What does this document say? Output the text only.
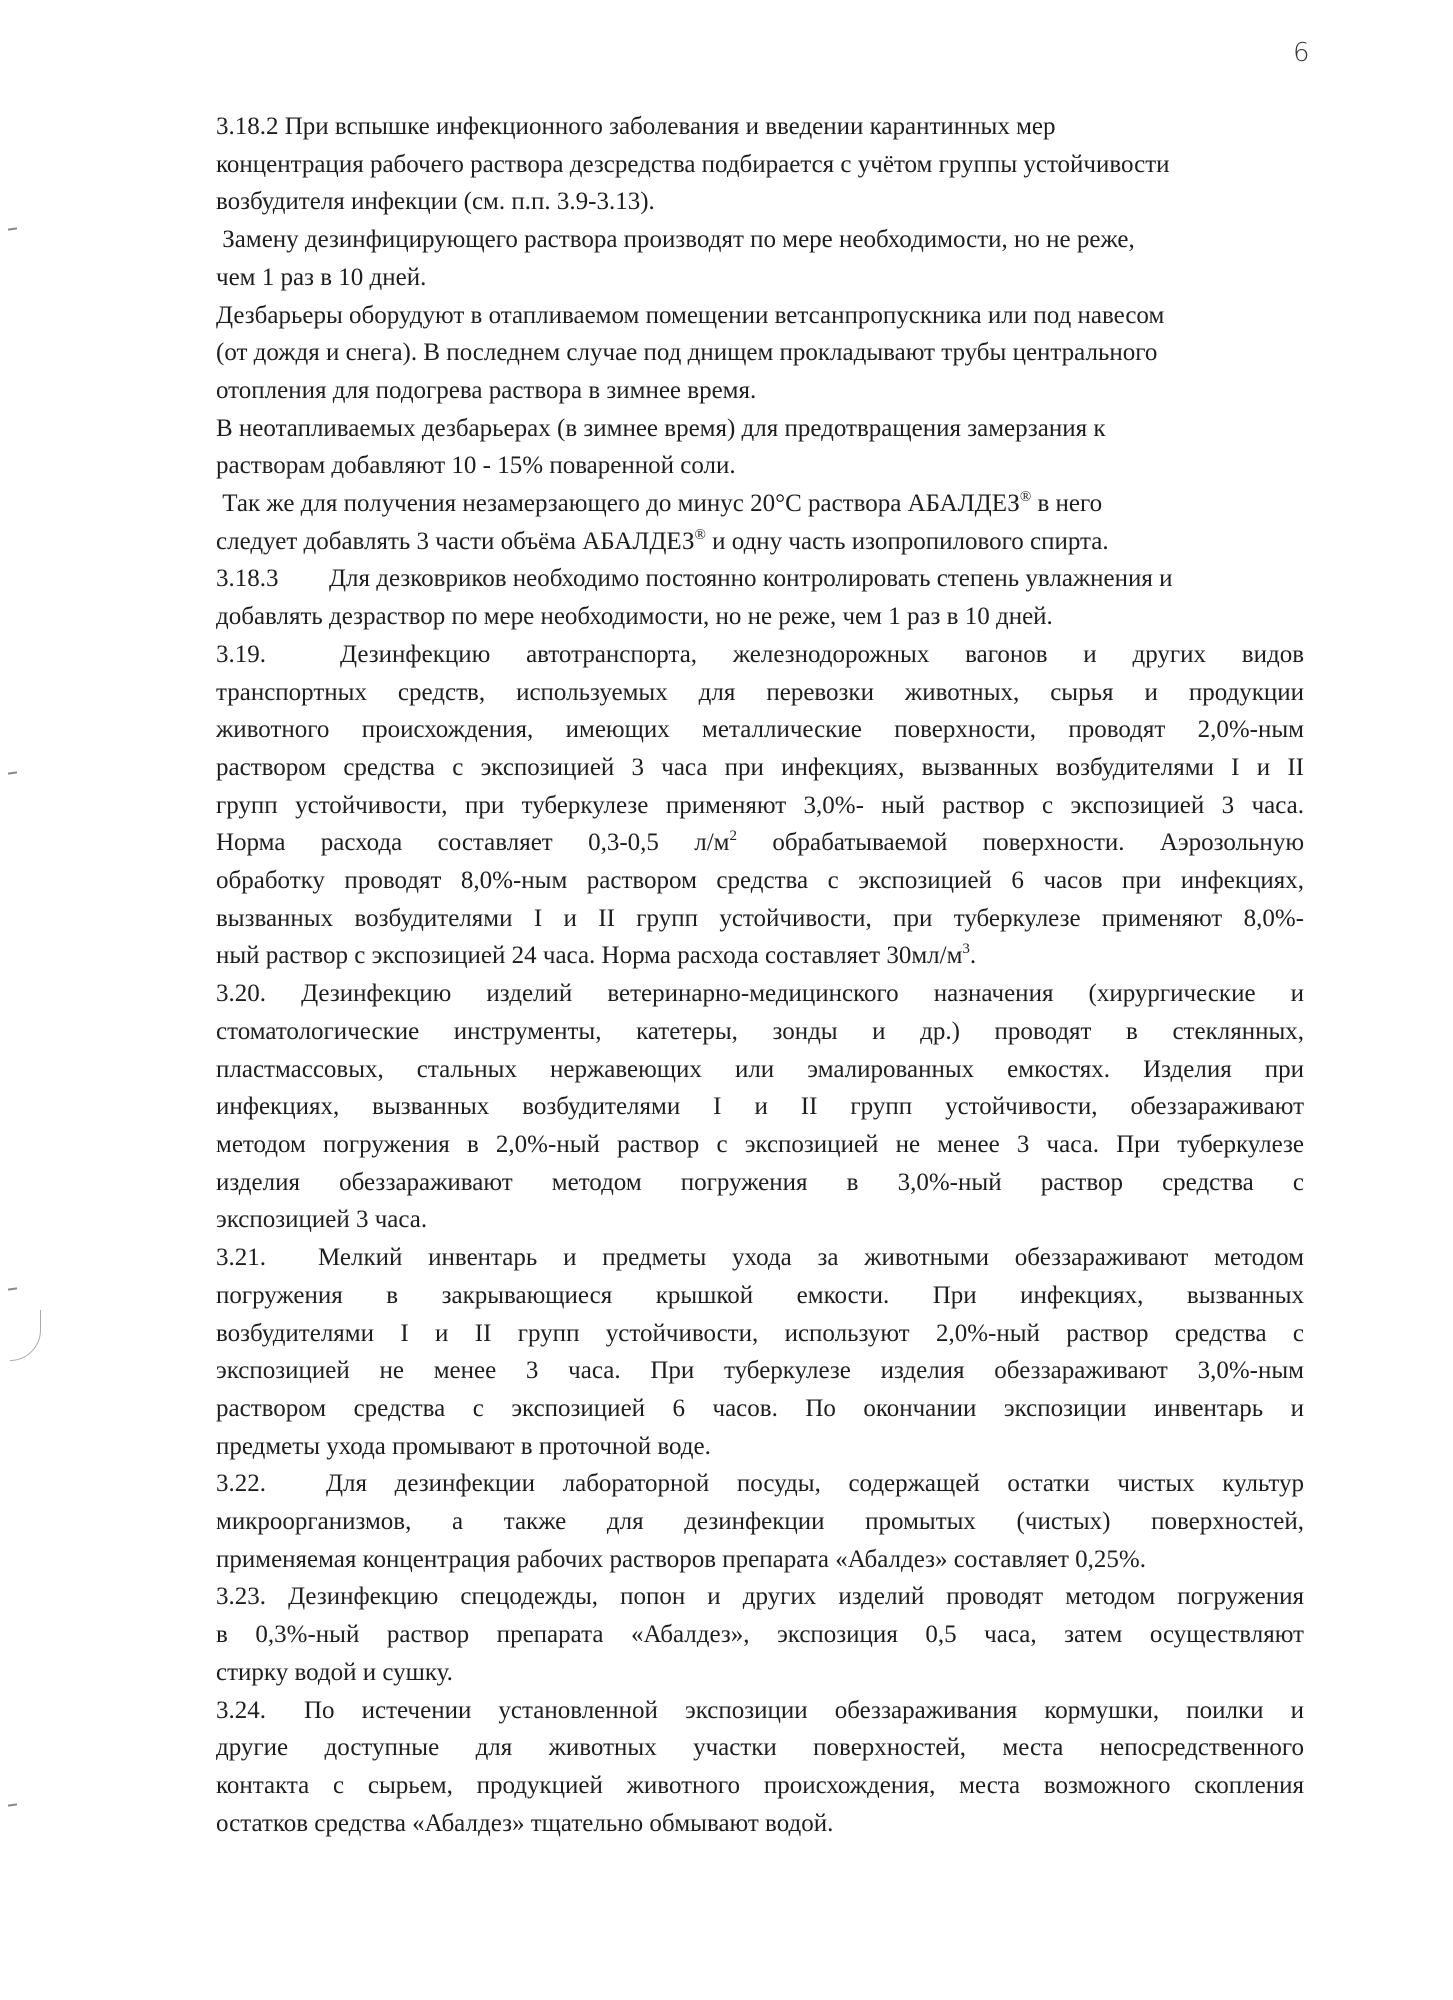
6
3.18.2 При вспышке инфекционного заболевания и введении карантинных мер
концентрация рабочего раствора дезсредства подбирается с учётом группы устойчивости
возбудителя инфекции (см. п.п. 3.9-3.13).
Замену дезинфицирующего раствора производят по мере необходимости, но не реже,
чем 1 раз в 10 дней.
Дезбарьеры оборудуют в отапливаемом помещении ветсанпропускника или под навесом
(от дождя и снега). В последнем случае под днищем прокладывают трубы центрального
отопления для подогрева раствора в зимнее время.
В неотапливаемых дезбарьерах (в зимнее время) для предотвращения замерзания к
растворам добавляют 10 - 15% поваренной соли.
Так же для получения незамерзающего до минус 20°С раствора АБАЛДЕЗ® в него
следует добавлять 3 части объёма АБАЛДЕЗ® и одну часть изопропилового спирта.
3.18.3 Для дезковриков необходимо постоянно контролировать степень увлажнения и
добавлять дезраствор по мере необходимости, но не реже, чем 1 раз в 10 дней.
3.19.	Дезинфекцию автотранспорта, железнодорожных вагонов и других видов
транспортных средств, используемых для перевозки животных, сырья и продукции
животного происхождения, имеющих металлические поверхности, проводят 2,0%-ным
раствором средства с экспозицией 3 часа при инфекциях, вызванных возбудителями I и II
групп устойчивости, при туберкулезе применяют 3,0%- ный раствор с экспозицией 3 часа.
Норма расхода составляет 0,3-0,5 $л/м^2$ обрабатываемой поверхности. Аэрозольную
обработку проводят 8,0%-ным раствором средства с экспозицией 6 часов при инфекциях,
вызванных возбудителями I и II групп устойчивости, при туберкулезе применяют 8,0%-
ный раствор с экспозицией 24 часа. Норма расхода составляет $30мл/м^3$.
3.20. Дезинфекцию изделий ветеринарно-медицинского назначения (хирургические и
стоматологические инструменты, катетеры, зонды и др.) проводят в стеклянных,
пластмассовых, стальных нержавеющих или эмалированных емкостях. Изделия при
инфекциях, вызванных возбудителями I и II групп устойчивости, обеззараживают
методом погружения в 2,0%-ный раствор с экспозицией не менее 3 часа. При туберкулезе
изделия обеззараживают методом погружения в 3,0%-ный раствор средства с
экспозицией 3 часа.
3.21. Мелкий инвентарь и предметы ухода за животными обеззараживают методом
погружения в закрывающиеся крышкой емкости. При инфекциях, вызванных
возбудителями I и II групп устойчивости, используют 2,0%-ный раствор средства с
экспозицией не менее 3 часа. При туберкулезе изделия обеззараживают 3,0%-ным
раствором средства с экспозицией 6 часов. По окончании экспозиции инвентарь и
предметы ухода промывают в проточной воде.
3.22. Для дезинфекции лабораторной посуды, содержащей остатки чистых культур
микроорганизмов, а также для дезинфекции промытых (чистых) поверхностей,
применяемая концентрация рабочих растворов препарата «Абалдез» составляет 0,25%.
3.23. Дезинфекцию спецодежды, попон и других изделий проводят методом погружения
в 0,3%-ный раствор препарата «Абалдез», экспозиция 0,5 часа, затем осуществляют
стирку водой и сушку.
3.24. По истечении установленной экспозиции обеззараживания кормушки, поилки и
другие доступные для животных участки поверхностей, места непосредственного
контакта с сырьем, продукцией животного происхождения, места возможного скопления
остатков средства «Абалдез» тщательно обмывают водой.
